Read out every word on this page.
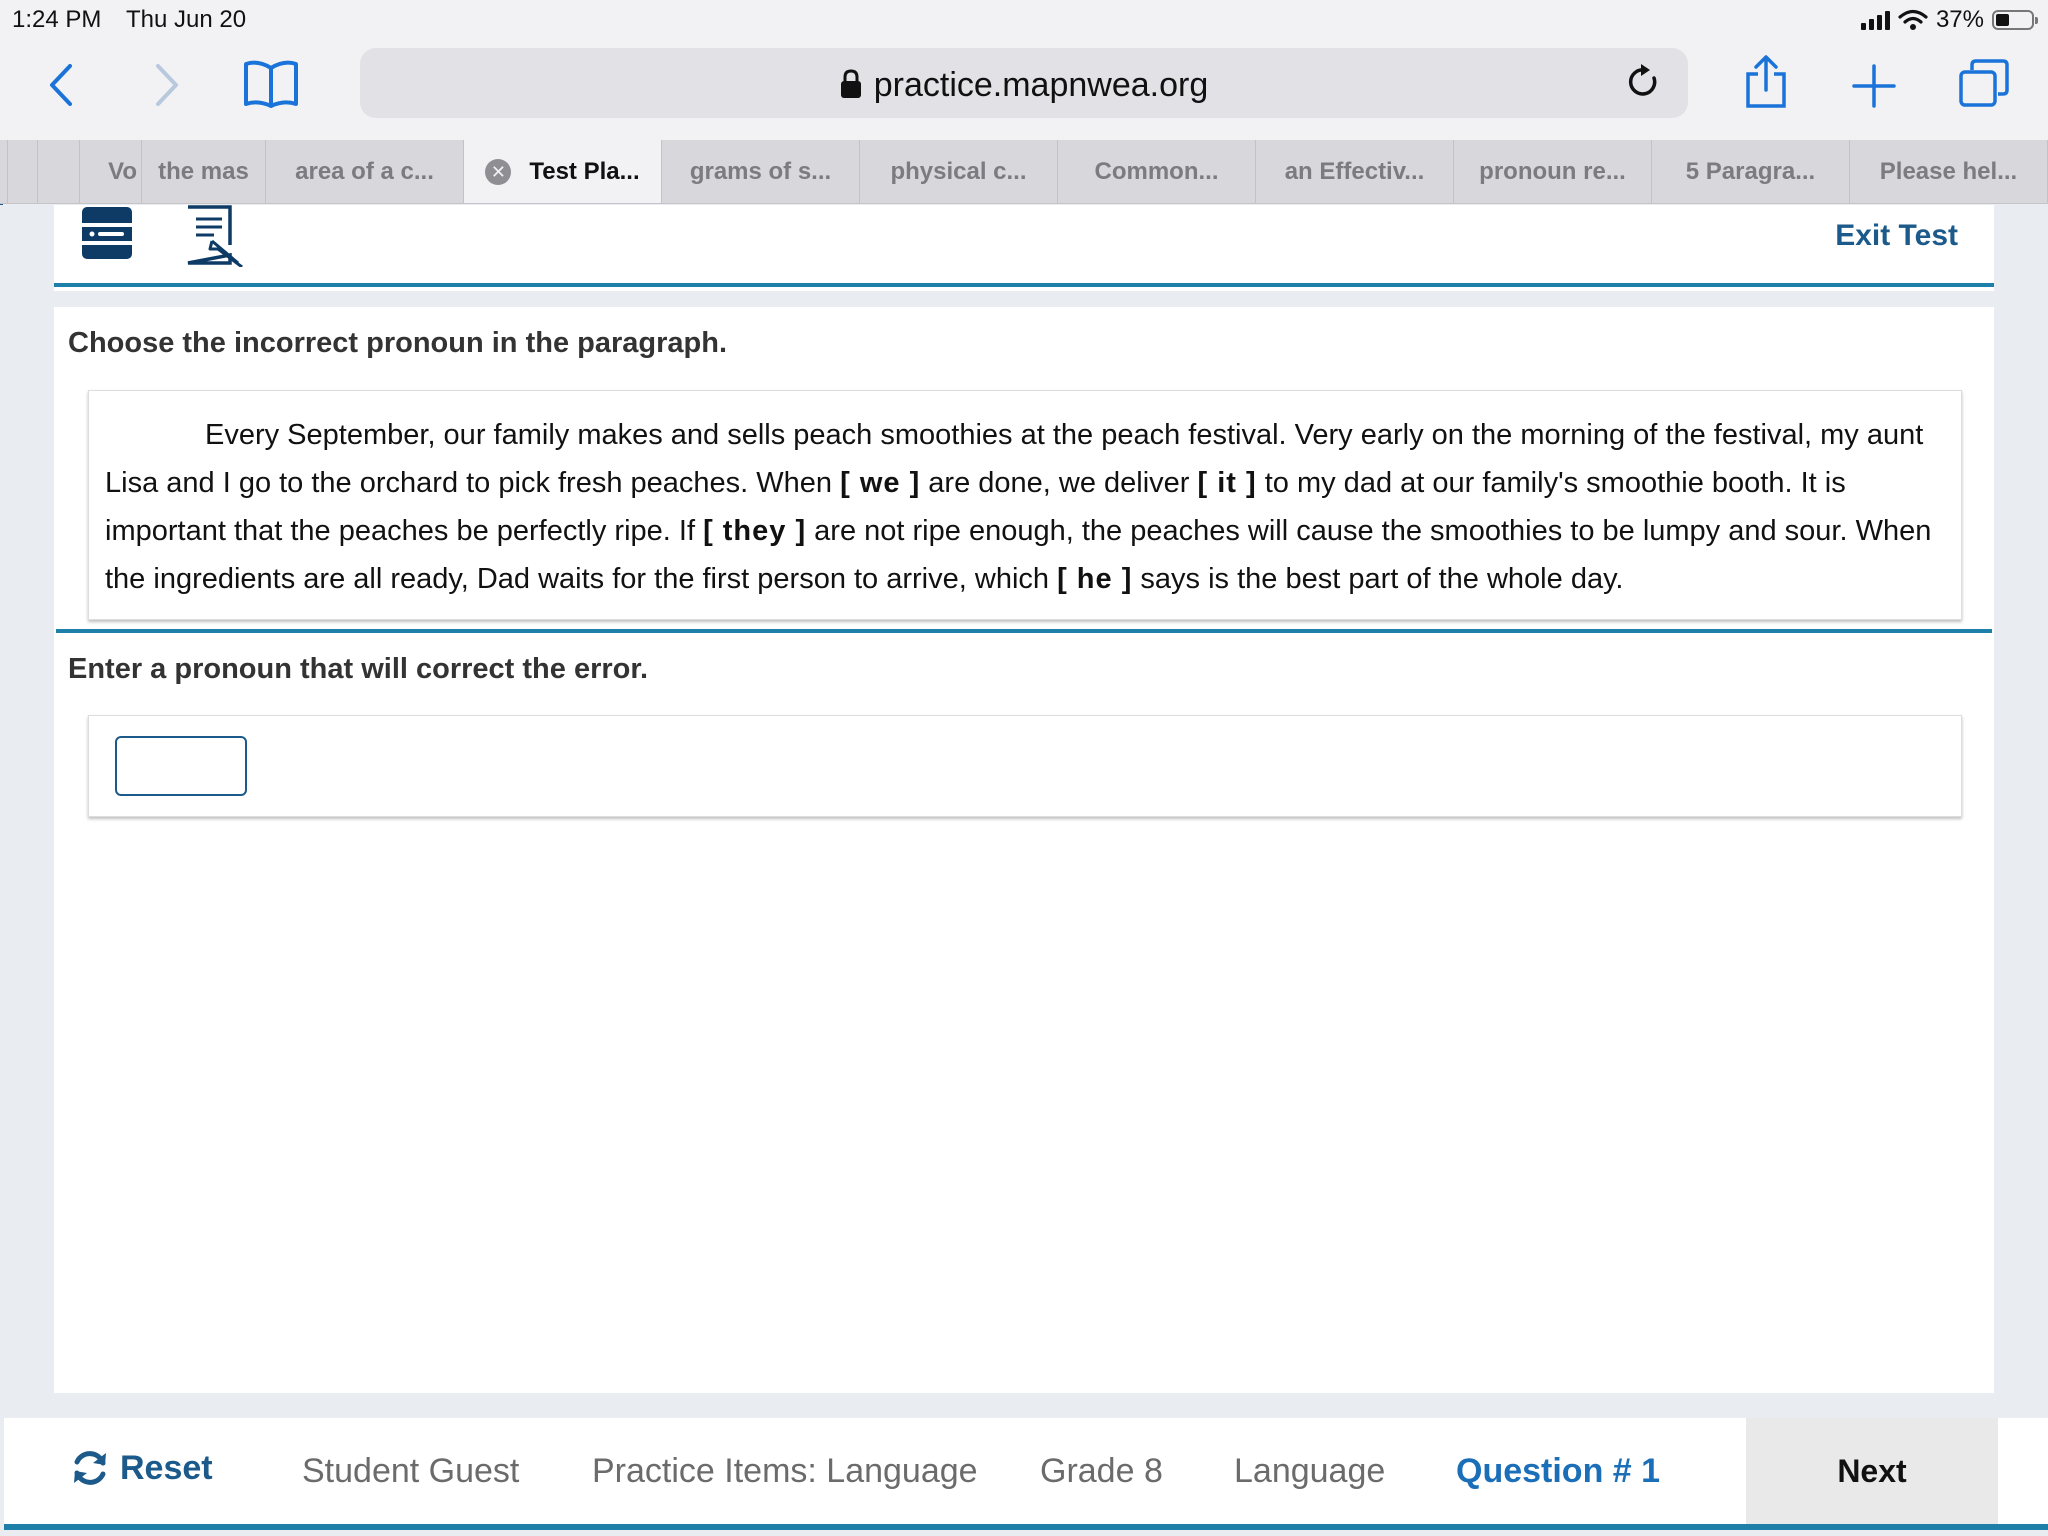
1:24 PM Thu Jun 20	37%
practice.mapnwea.org
Vo the mas area of a c...	✕ Test Pla... grams of s... physical c...	Common...	an Effectiv... pronoun re... 5 Paragra...	Please hel...
Exit Test
Choose the incorrect pronoun in the paragraph.
Every September, our family makes and sells peach smoothies at the peach festival. Very early on the morning of the festival, my aunt Lisa and I go to the orchard to pick fresh peaches. When [ we ] are done, we deliver [ it ] to my dad at our family's smoothie booth. It is important that the peaches be perfectly ripe. If [ they ] are not ripe enough, the peaches will cause the smoothies to be lumpy and sour. When the ingredients are all ready, Dad waits for the first person to arrive, which [ he ] says is the best part of the whole day.
Enter a pronoun that will correct the error.
Reset	Student Guest Practice Items: Language Grade 8 Language Question # 1	Next
